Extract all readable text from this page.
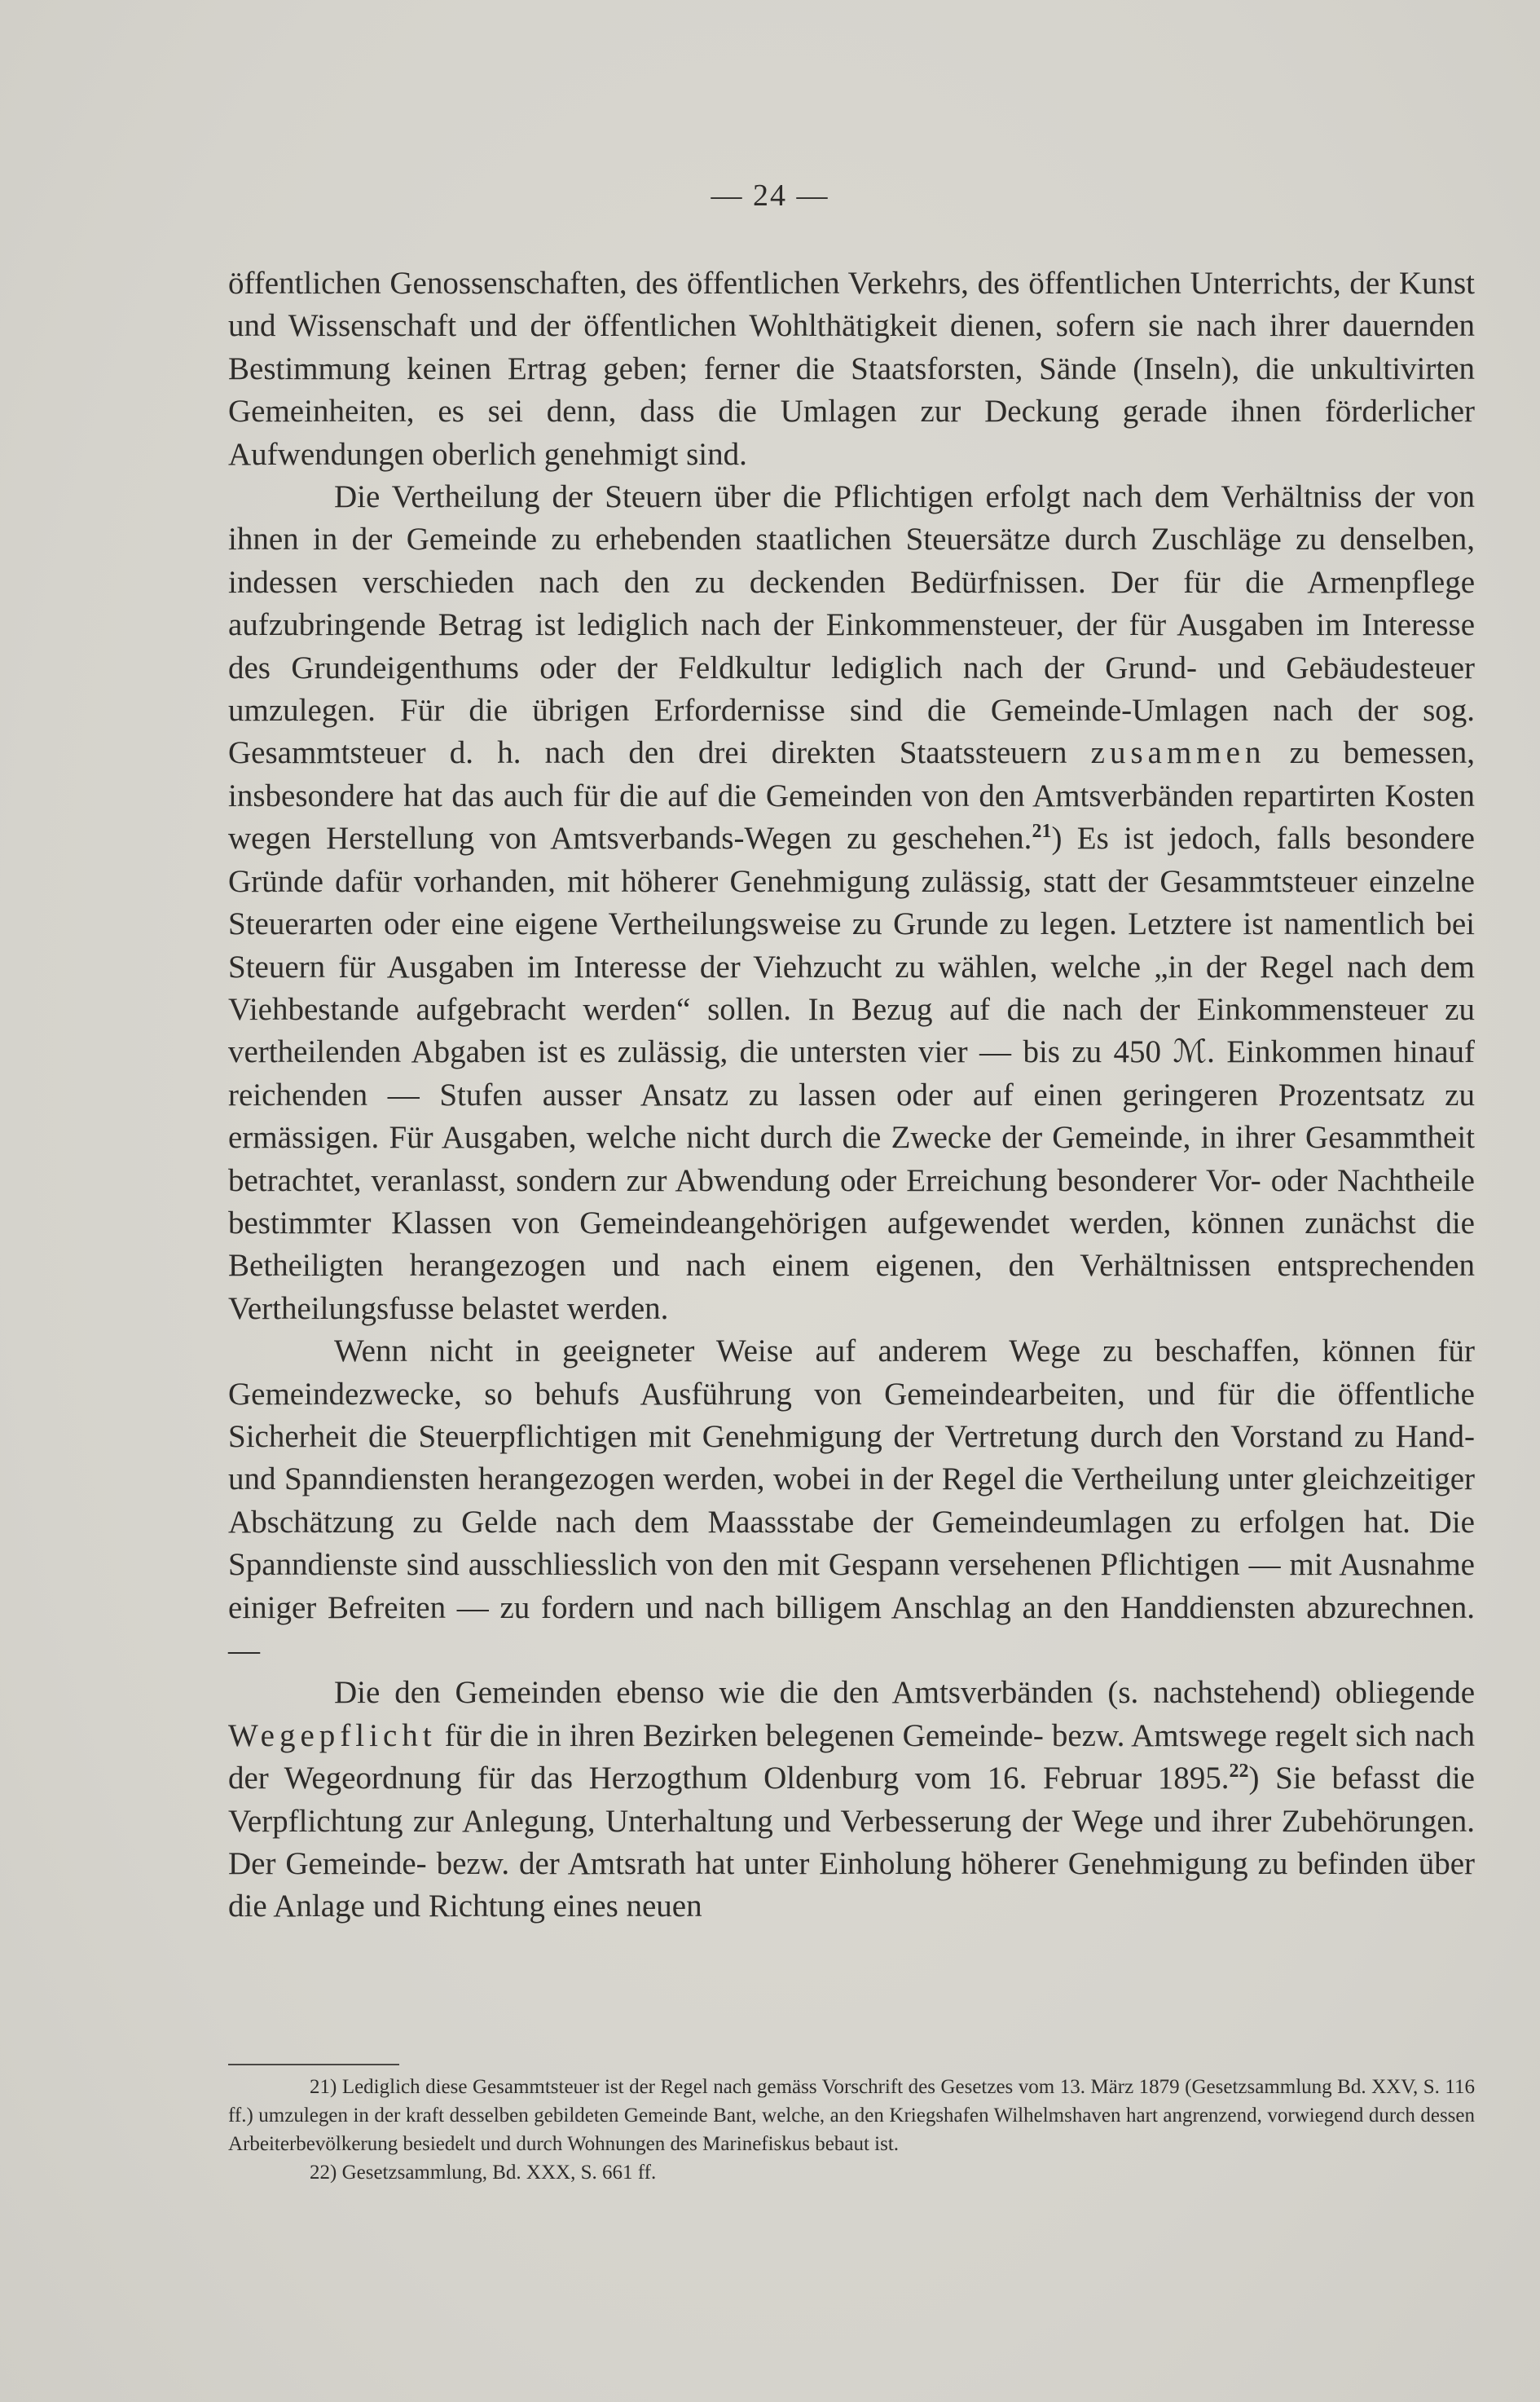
— 24 —

öffentlichen Genossenschaften, des öffentlichen Verkehrs, des öffentlichen Unterrichts, der Kunst und Wissenschaft und der öffentlichen Wohlthätigkeit dienen, sofern sie nach ihrer dauernden Bestimmung keinen Ertrag geben; ferner die Staatsforsten, Sände (Inseln), die unkultivirten Gemeinheiten, es sei denn, dass die Umlagen zur Deckung gerade ihnen förderlicher Aufwendungen oberlich genehmigt sind.

Die Vertheilung der Steuern über die Pflichtigen erfolgt nach dem Verhältniss der von ihnen in der Gemeinde zu erhebenden staatlichen Steuersätze durch Zuschläge zu denselben, indessen verschieden nach den zu deckenden Bedürfnissen. Der für die Armenpflege aufzubringende Betrag ist lediglich nach der Einkommensteuer, der für Ausgaben im Interesse des Grundeigenthums oder der Feldkultur lediglich nach der Grund- und Gebäudesteuer umzulegen. Für die übrigen Erfordernisse sind die Gemeinde-Umlagen nach der sog. Gesammtsteuer d. h. nach den drei direkten Staatssteuern zusammen zu bemessen, insbesondere hat das auch für die auf die Gemeinden von den Amtsverbänden repartirten Kosten wegen Herstellung von Amtsverbands-Wegen zu geschehen.$^{21}$) Es ist jedoch, falls besondere Gründe dafür vorhanden, mit höherer Genehmigung zulässig, statt der Gesammtsteuer einzelne Steuerarten oder eine eigene Vertheilungsweise zu Grunde zu legen. Letztere ist namentlich bei Steuern für Ausgaben im Interesse der Viehzucht zu wählen, welche „in der Regel nach dem Viehbestande aufgebracht werden“ sollen. In Bezug auf die nach der Einkommensteuer zu vertheilenden Abgaben ist es zulässig, die untersten vier — bis zu 450 ℳ. Einkommen hinauf reichenden — Stufen ausser Ansatz zu lassen oder auf einen geringeren Prozentsatz zu ermässigen. Für Ausgaben, welche nicht durch die Zwecke der Gemeinde, in ihrer Gesammtheit betrachtet, veranlasst, sondern zur Abwendung oder Erreichung besonderer Vor- oder Nachtheile bestimmter Klassen von Gemeindeangehörigen aufgewendet werden, können zunächst die Betheiligten herangezogen und nach einem eigenen, den Verhältnissen entsprechenden Vertheilungsfusse belastet werden.

Wenn nicht in geeigneter Weise auf anderem Wege zu beschaffen, können für Gemeindezwecke, so behufs Ausführung von Gemeindearbeiten, und für die öffentliche Sicherheit die Steuerpflichtigen mit Genehmigung der Vertretung durch den Vorstand zu Hand- und Spanndiensten herangezogen werden, wobei in der Regel die Vertheilung unter gleichzeitiger Abschätzung zu Gelde nach dem Maassstabe der Gemeindeumlagen zu erfolgen hat. Die Spanndienste sind ausschliesslich von den mit Gespann versehenen Pflichtigen — mit Ausnahme einiger Befreiten — zu fordern und nach billigem Anschlag an den Handdiensten abzurechnen. —

Die den Gemeinden ebenso wie die den Amtsverbänden (s. nachstehend) obliegende Wegepflicht für die in ihren Bezirken belegenen Gemeinde- bezw. Amtswege regelt sich nach der Wegeordnung für das Herzogthum Oldenburg vom 16. Februar 1895.22) Sie befasst die Verpflichtung zur Anlegung, Unterhaltung und Verbesserung der Wege und ihrer Zubehörungen. Der Gemeinde- bezw. der Amtsrath hat unter Einholung höherer Genehmigung zu befinden über die Anlage und Richtung eines neuen

21) Lediglich diese Gesammtsteuer ist der Regel nach gemäss Vorschrift des Gesetzes vom 13. März 1879 (Gesetzsammlung Bd. XXV, S. 116 ff.) umzulegen in der kraft desselben gebildeten Gemeinde Bant, welche, an den Kriegshafen Wilhelmshaven hart angrenzend, vorwiegend durch dessen Arbeiterbevölkerung besiedelt und durch Wohnungen des Marinefiskus bebaut ist.

22) Gesetzsammlung, Bd. XXX, S. 661 ff.
